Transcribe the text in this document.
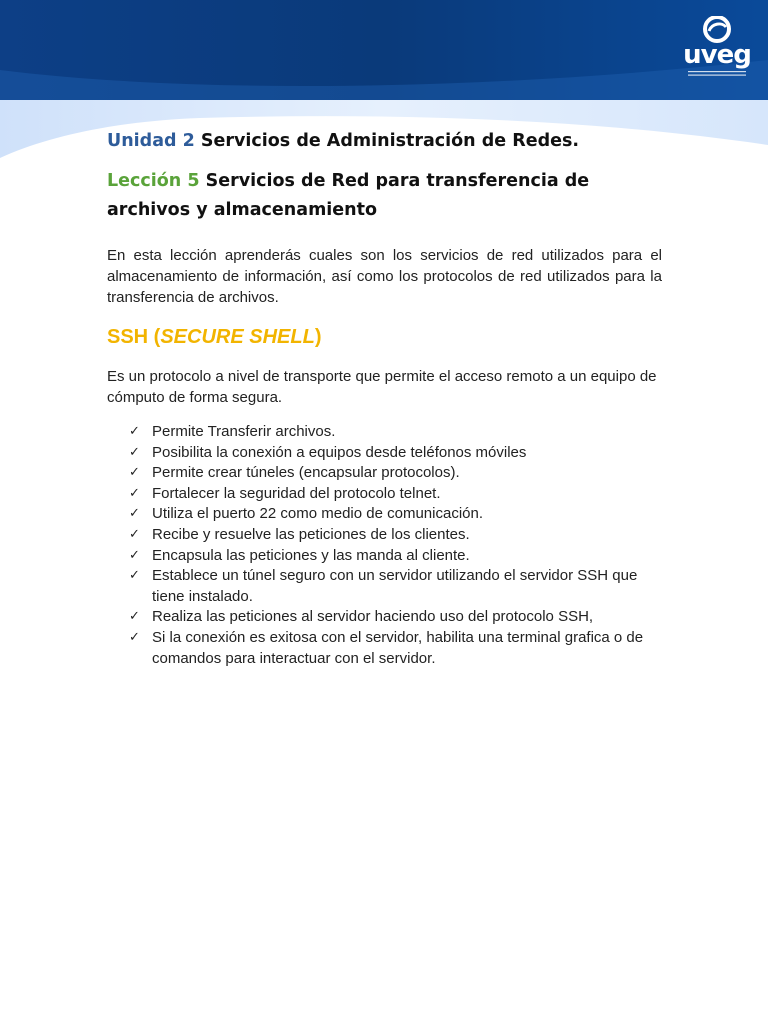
uveg

Unidad 2 Servicios de Administración de Redes.

Lección 5 Servicios de Red para transferencia de archivos y almacenamiento

En esta lección aprenderás cuales son los servicios de red utilizados para el almacenamiento de información, así como los protocolos de red utilizados para la transferencia de archivos.

SSH (SECURE SHELL)

Es un protocolo a nivel de transporte que permite el acceso remoto a un equipo de cómputo de forma segura.

✓ Permite Transferir archivos.
✓ Posibilita la conexión a equipos desde teléfonos móviles
✓ Permite crear túneles (encapsular protocolos).
✓ Fortalecer la seguridad del protocolo telnet.
✓ Utiliza el puerto 22 como medio de comunicación.
✓ Recibe y resuelve las peticiones de los clientes.
✓ Encapsula las peticiones y las manda al cliente.
✓ Establece un túnel seguro con un servidor utilizando el servidor SSH que tiene instalado.
✓ Realiza las peticiones al servidor haciendo uso del protocolo SSH,
✓ Si la conexión es exitosa con el servidor, habilita una terminal grafica o de comandos para interactuar con el servidor.
